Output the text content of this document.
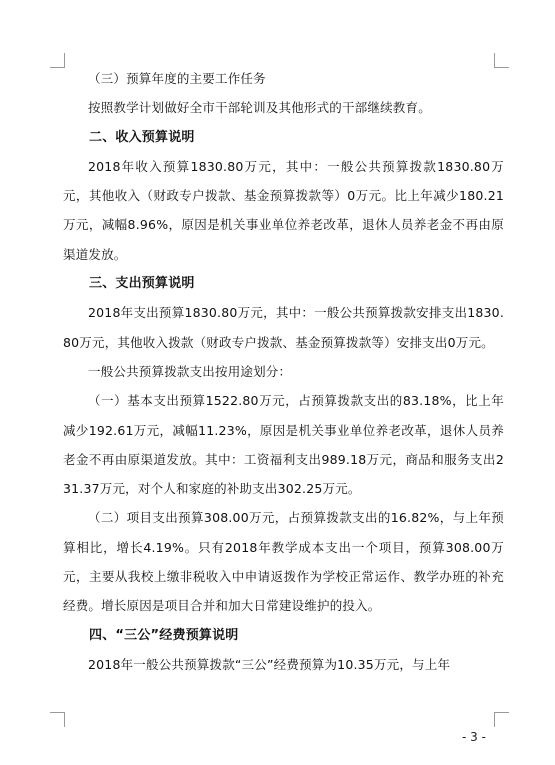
（三）预算年度的主要工作任务

按照教学计划做好全市干部轮训及其他形式的干部继续教育。

二、收入预算说明

2018年收入预算1830.80万元，其中：一般公共预算拨款1830.80万元，其他收入（财政专户拨款、基金预算拨款等）0万元。比上年减少180.21万元，减幅8.96%，原因是机关事业单位养老改革，退休人员养老金不再由原渠道发放。

三、支出预算说明

2018年支出预算1830.80万元，其中：一般公共预算拨款安排支出1830.80万元，其他收入拨款（财政专户拨款、基金预算拨款等）安排支出0万元。

一般公共预算拨款支出按用途划分：

（一）基本支出预算1522.80万元，占预算拨款支出的83.18%，比上年减少192.61万元，减幅11.23%，原因是机关事业单位养老改革，退休人员养老金不再由原渠道发放。其中：工资福利支出989.18万元，商品和服务支出231.37万元，对个人和家庭的补助支出302.25万元。

（二）项目支出预算308.00万元，占预算拨款支出的16.82%，与上年预算相比，增长4.19%。只有2018年教学成本支出一个项目，预算308.00万元，主要从我校上缴非税收入中申请返拨作为学校正常运作、教学办班的补充经费。增长原因是项目合并和加大日常建设维护的投入。

四、“三公”经费预算说明

2018年一般公共预算拨款“三公”经费预算为10.35万元，与上年

- 3 -
